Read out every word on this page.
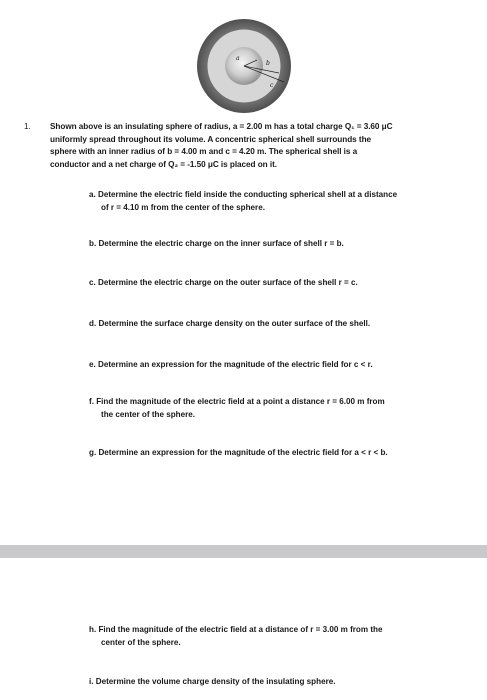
a
b
c
1. Shown above is an insulating sphere of radius, a = 2.00 m has a total charge Q₁ = 3.60 μC
uniformly spread throughout its volume. A concentric spherical shell surrounds the
sphere with an inner radius of b = 4.00 m and c = 4.20 m. The spherical shell is a
conductor and a net charge of Q₂ = -1.50 μC is placed on it.
a. Determine the electric field inside the conducting spherical shell at a distance
of r = 4.10 m from the center of the sphere.
b. Determine the electric charge on the inner surface of shell r = b.
c. Determine the electric charge on the outer surface of the shell r = c.
d. Determine the surface charge density on the outer surface of the shell.
e. Determine an expression for the magnitude of the electric field for c < r.
f. Find the magnitude of the electric field at a point a distance r = 6.00 m from
the center of the sphere.
g. Determine an expression for the magnitude of the electric field for a < r < b.
h. Find the magnitude of the electric field at a distance of r = 3.00 m from the
center of the sphere.
i. Determine the volume charge density of the insulating sphere.
